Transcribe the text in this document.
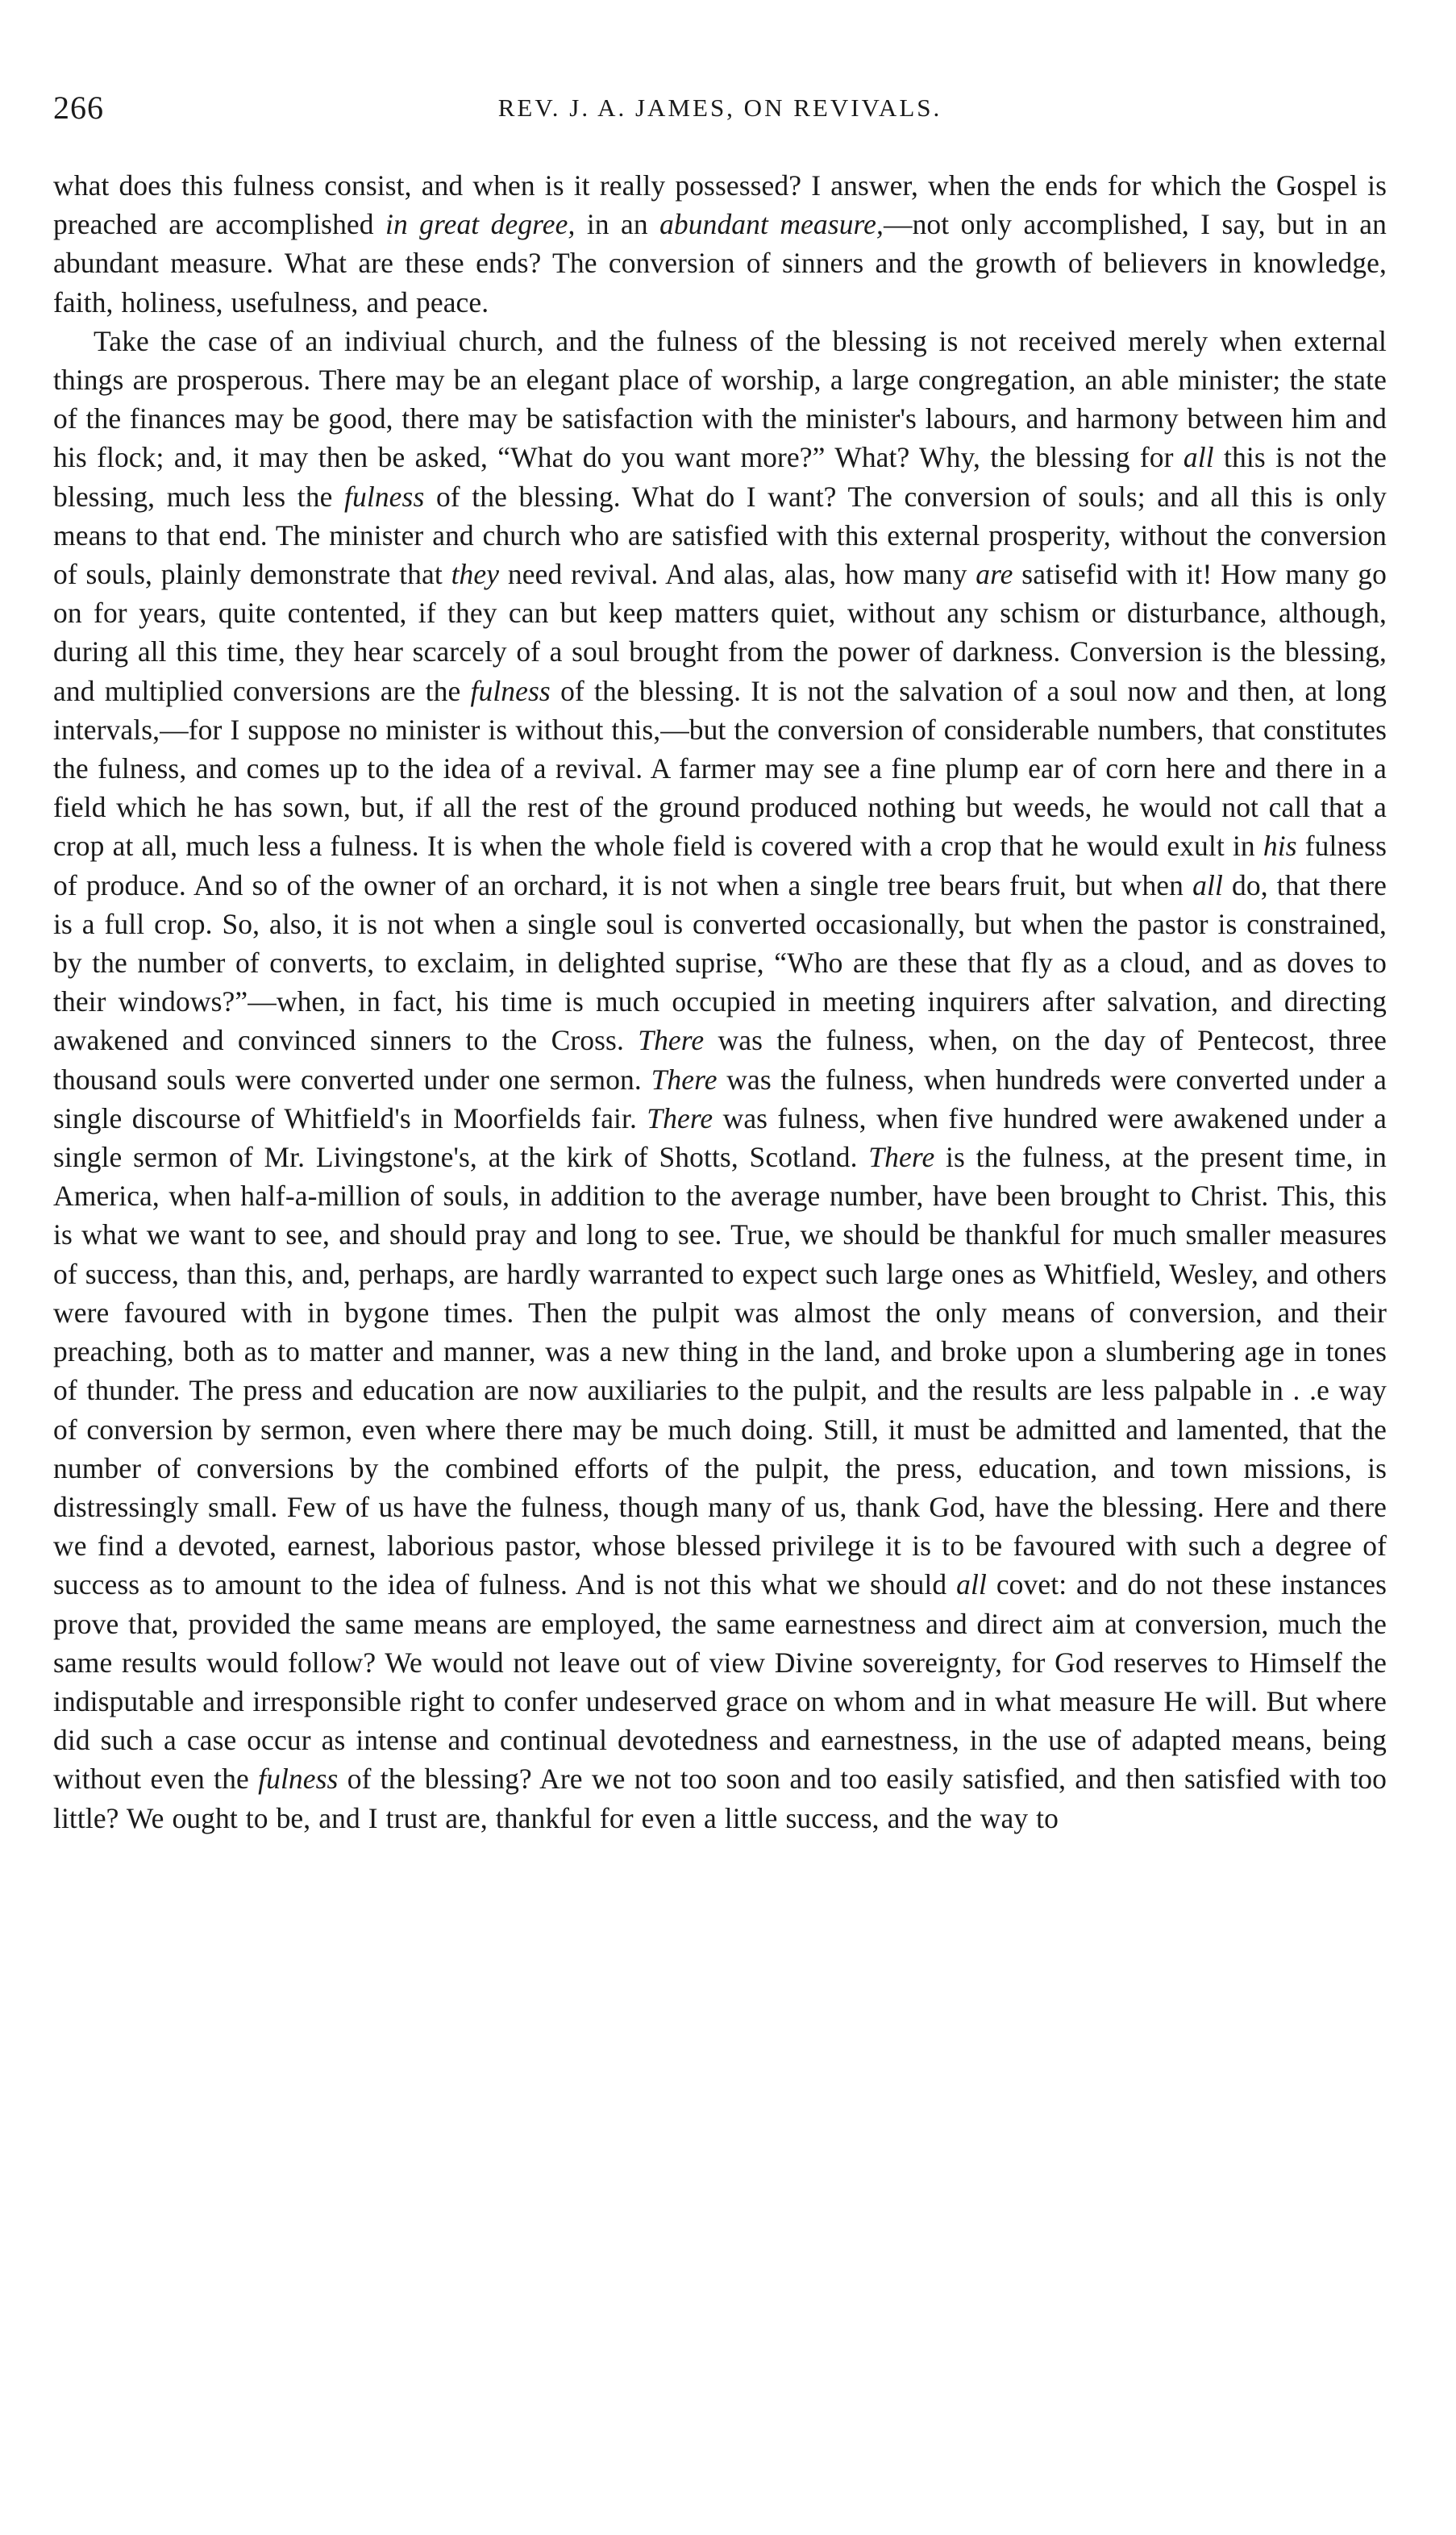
266	REV. J. A. JAMES, ON REVIVALS.

what does this fulness consist, and when is it really possessed? I answer, when the ends for which the Gospel is preached are accomplished in great degree, in an abundant measure,—not only accomplished, I say, but in an abundant measure. What are these ends? The conversion of sinners and the growth of believers in knowledge, faith, holiness, usefulness, and peace.

Take the case of an indiviual church, and the fulness of the blessing is not received merely when external things are prosperous. There may be an elegant place of worship, a large congregation, an able minister; the state of the finances may be good, there may be satisfaction with the minister's labours, and harmony between him and his flock; and, it may then be asked, “What do you want more?” What? Why, the blessing for all this is not the blessing, much less the fulness of the blessing. What do I want? The conversion of souls; and all this is only means to that end. The minister and church who are satisfied with this external prosperity, without the conversion of souls, plainly demonstrate that they need revival. And alas, alas, how many are satisefid with it! How many go on for years, quite contented, if they can but keep matters quiet, without any schism or disturbance, although, during all this time, they hear scarcely of a soul brought from the power of darkness. Conversion is the blessing, and multiplied conversions are the fulness of the blessing. It is not the salvation of a soul now and then, at long intervals,—for I suppose no minister is without this,—but the conversion of considerable numbers, that constitutes the fulness, and comes up to the idea of a revival. A farmer may see a fine plump ear of corn here and there in a field which he has sown, but, if all the rest of the ground produced nothing but weeds, he would not call that a crop at all, much less a fulness. It is when the whole field is covered with a crop that he would exult in his fulness of produce. And so of the owner of an orchard, it is not when a single tree bears fruit, but when all do, that there is a full crop. So, also, it is not when a single soul is converted occasionally, but when the pastor is constrained, by the number of converts, to exclaim, in delighted suprise, “Who are these that fly as a cloud, and as doves to their windows?”—when, in fact, his time is much occupied in meeting inquirers after salvation, and directing awakened and convinced sinners to the Cross. There was the fulness, when, on the day of Pentecost, three thousand souls were converted under one sermon. There was the fulness, when hundreds were converted under a single discourse of Whitfield's in Moorfields fair. There was fulness, when five hundred were awakened under a single sermon of Mr. Livingstone's, at the kirk of Shotts, Scotland. There is the fulness, at the present time, in America, when half-a-million of souls, in addition to the average number, have been brought to Christ. This, this is what we want to see, and should pray and long to see. True, we should be thankful for much smaller measures of success, than this, and, perhaps, are hardly warranted to expect such large ones as Whitfield, Wesley, and others were favoured with in bygone times. Then the pulpit was almost the only means of conversion, and their preaching, both as to matter and manner, was a new thing in the land, and broke upon a slumbering age in tones of thunder. The press and education are now auxiliaries to the pulpit, and the results are less palpable in . .e way of conversion by sermon, even where there may be much doing. Still, it must be admitted and lamented, that the number of conversions by the combined efforts of the pulpit, the press, education, and town missions, is distressingly small. Few of us have the fulness, though many of us, thank God, have the blessing. Here and there we find a devoted, earnest, laborious pastor, whose blessed privilege it is to be favoured with such a degree of success as to amount to the idea of fulness. And is not this what we should all covet: and do not these instances prove that, provided the same means are employed, the same earnestness and direct aim at conversion, much the same results would follow? We would not leave out of view Divine sovereignty, for God reserves to Himself the indisputable and irresponsible right to confer undeserved grace on whom and in what measure He will. But where did such a case occur as intense and continual devotedness and earnestness, in the use of adapted means, being without even the fulness of the blessing? Are we not too soon and too easily satisfied, and then satisfied with too little? We ought to be, and I trust are, thankful for even a little success, and the way to
